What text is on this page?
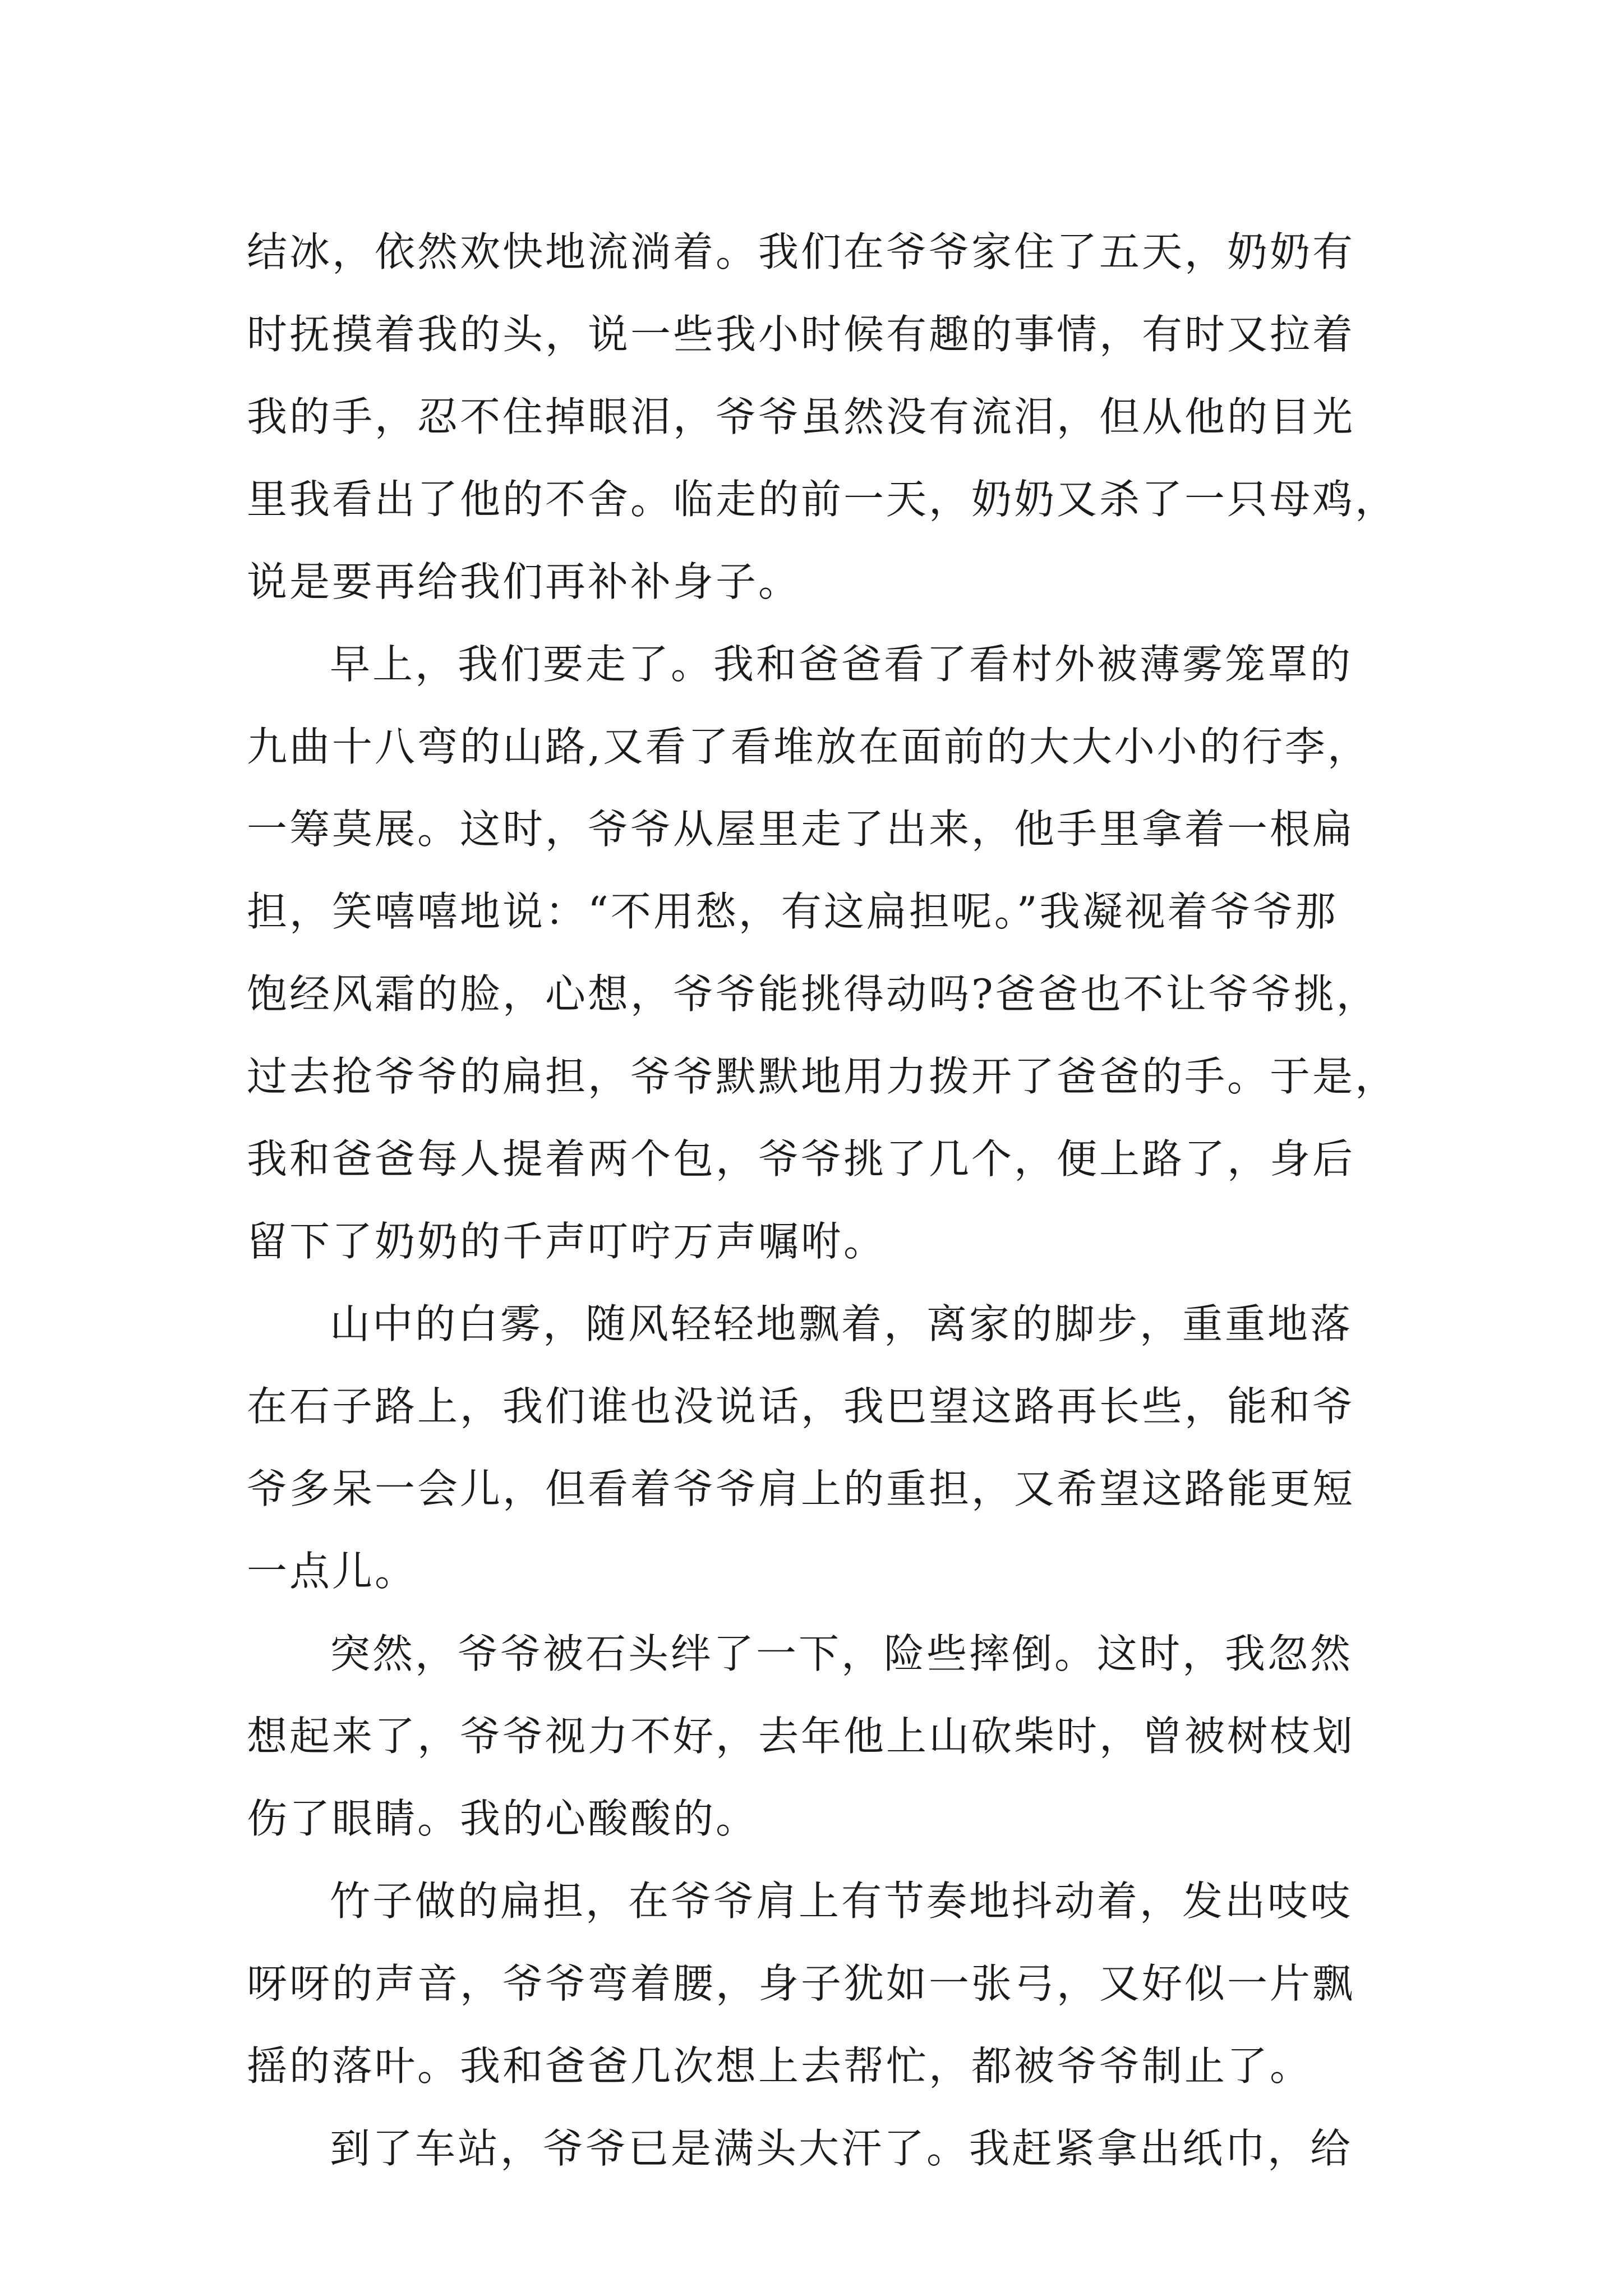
结冰，依然欢快地流淌着。我们在爷爷家住了五天，奶奶有
时抚摸着我的头，说一些我小时候有趣的事情，有时又拉着
我的手，忍不住掉眼泪，爷爷虽然没有流泪，但从他的目光
里我看出了他的不舍。临走的前一天，奶奶又杀了一只母鸡，
说是要再给我们再补补身子。
早上，我们要走了。我和爸爸看了看村外被薄雾笼罩的
九曲十八弯的山路,又看了看堆放在面前的大大小小的行李，
一筹莫展。这时，爷爷从屋里走了出来，他手里拿着一根扁
担，笑嘻嘻地说：“不用愁，有这扁担呢。”我凝视着爷爷那
饱经风霜的脸，心想，爷爷能挑得动吗?爸爸也不让爷爷挑，
过去抢爷爷的扁担，爷爷默默地用力拨开了爸爸的手。于是，
我和爸爸每人提着两个包，爷爷挑了几个，便上路了，身后
留下了奶奶的千声叮咛万声嘱咐。
山中的白雾，随风轻轻地飘着，离家的脚步，重重地落
在石子路上，我们谁也没说话，我巴望这路再长些，能和爷
爷多呆一会儿，但看着爷爷肩上的重担，又希望这路能更短
一点儿。
突然，爷爷被石头绊了一下，险些摔倒。这时，我忽然
想起来了，爷爷视力不好，去年他上山砍柴时，曾被树枝划
伤了眼睛。我的心酸酸的。
竹子做的扁担，在爷爷肩上有节奏地抖动着，发出吱吱
呀呀的声音，爷爷弯着腰，身子犹如一张弓，又好似一片飘
摇的落叶。我和爸爸几次想上去帮忙，都被爷爷制止了。
到了车站，爷爷已是满头大汗了。我赶紧拿出纸巾，给
